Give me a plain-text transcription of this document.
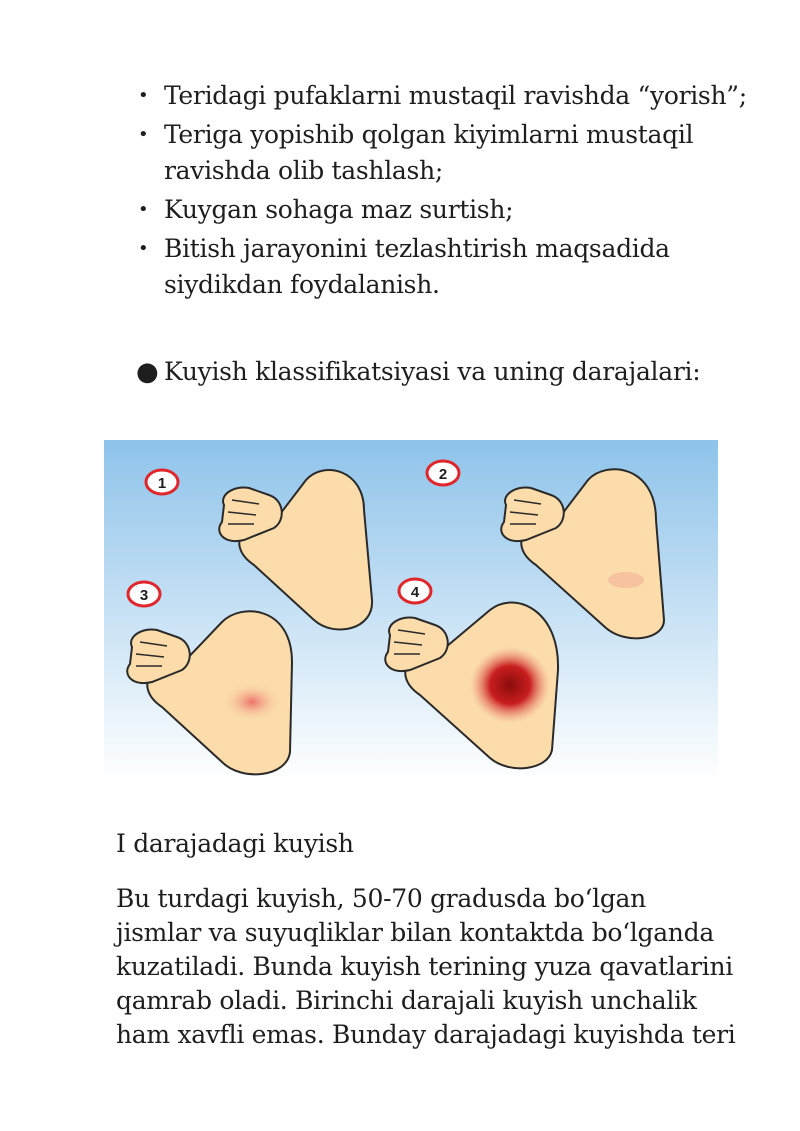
• Teridagi pufaklarni mustaqil ravishda “yorish”;
• Teriga yopishib qolgan kiyimlarni mustaqil ravishda olib tashlash;
• Kuygan sohaga maz surtish;
• Bitish jarayonini tezlashtirish maqsadida siydikdan foydalanish.
● Kuyish klassifikatsiyasi va uning darajalari:
1
2
3	4
I darajadagi kuyish
Bu turdagi kuyish, 50-70 gradusda bo‘lgan jismlar va suyuqliklar bilan kontaktda bo‘lganda kuzatiladi. Bunda kuyish terining yuza qavatlarini qamrab oladi. Birinchi darajali kuyish unchalik ham xavfli emas. Bunday darajadagi kuyishda teri
